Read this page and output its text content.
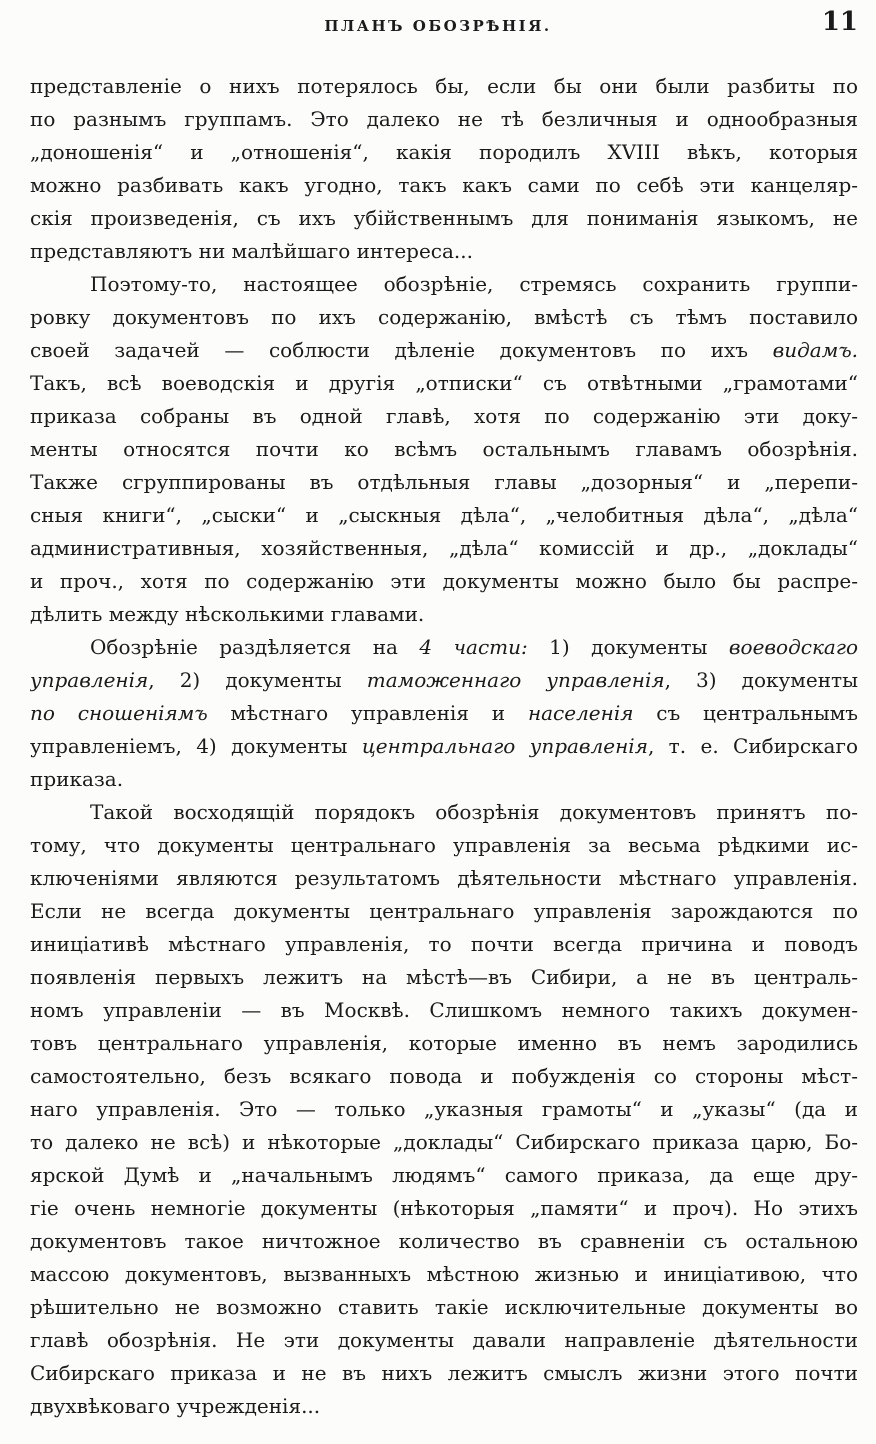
ПЛАНЪ ОБОЗРѢНІЯ.	11
представленіе о нихъ потерялось бы, если бы они были разбиты по
по разнымъ группамъ. Это далеко не тѣ безличныя и однообразныя
„доношенія“ и „отношенія“, какія породилъ XVIII вѣкъ, которыя
можно разбивать какъ угодно, такъ какъ сами по себѣ эти канцеляр-
скія произведенія, съ ихъ убійственнымъ для пониманія языкомъ, не
представляютъ ни малѣйшаго интереса...
Поэтому-то, настоящее обозрѣніе, стремясь сохранить группи-
ровку документовъ по ихъ содержанію, вмѣстѣ съ тѣмъ поставило
своей задачей — соблюсти дѣленіе документовъ по ихъ видамъ.
Такъ, всѣ воеводскія и другія „отписки“ съ отвѣтными „грамотами“
приказа собраны въ одной главѣ, хотя по содержанію эти доку-
менты относятся почти ко всѣмъ остальнымъ главамъ обозрѣнія.
Также сгруппированы въ отдѣльныя главы „дозорныя“ и „перепи-
сныя книги“, „сыски“ и „сыскныя дѣла“, „челобитныя дѣла“, „дѣла“
административныя, хозяйственныя, „дѣла“ комиссій и др., „доклады“
и проч., хотя по содержанію эти документы можно было бы распре-
дѣлить между нѣсколькими главами.
Обозрѣніе раздѣляется на 4 части: 1) документы воеводскаго
управленія, 2) документы таможеннаго управленія, 3) документы
по сношеніямъ мѣстнаго управленія и населенія съ центральнымъ
управленіемъ, 4) документы центральнаго управленія, т. е. Сибирскаго
приказа.
Такой восходящій порядокъ обозрѣнія документовъ принятъ по-
тому, что документы центральнаго управленія за весьма рѣдкими ис-
ключеніями являются результатомъ дѣятельности мѣстнаго управленія.
Если не всегда документы центральнаго управленія зарождаются по
иниціативѣ мѣстнаго управленія, то почти всегда причина и поводъ
появленія первыхъ лежитъ на мѣстѣ—въ Сибири, а не въ централь-
номъ управленіи — въ Москвѣ. Слишкомъ немного такихъ докумен-
товъ центральнаго управленія, которые именно въ немъ зародились
самостоятельно, безъ всякаго повода и побужденія со стороны мѣст-
наго управленія. Это — только „указныя грамоты“ и „указы“ (да и
то далеко не всѣ) и нѣкоторые „доклады“ Сибирскаго приказа царю, Бо-
ярской Думѣ и „начальнымъ людямъ“ самого приказа, да еще дру-
гіе очень немногіе документы (нѣкоторыя „памяти“ и проч). Но этихъ
документовъ такое ничтожное количество въ сравненіи съ остальною
массою документовъ, вызванныхъ мѣстною жизнью и иниціативою, что
рѣшительно не возможно ставить такіе исключительные документы во
главѣ обозрѣнія. Не эти документы давали направленіе дѣятельности
Сибирскаго приказа и не въ нихъ лежитъ смыслъ жизни этого почти
двухвѣковаго учрежденія...
